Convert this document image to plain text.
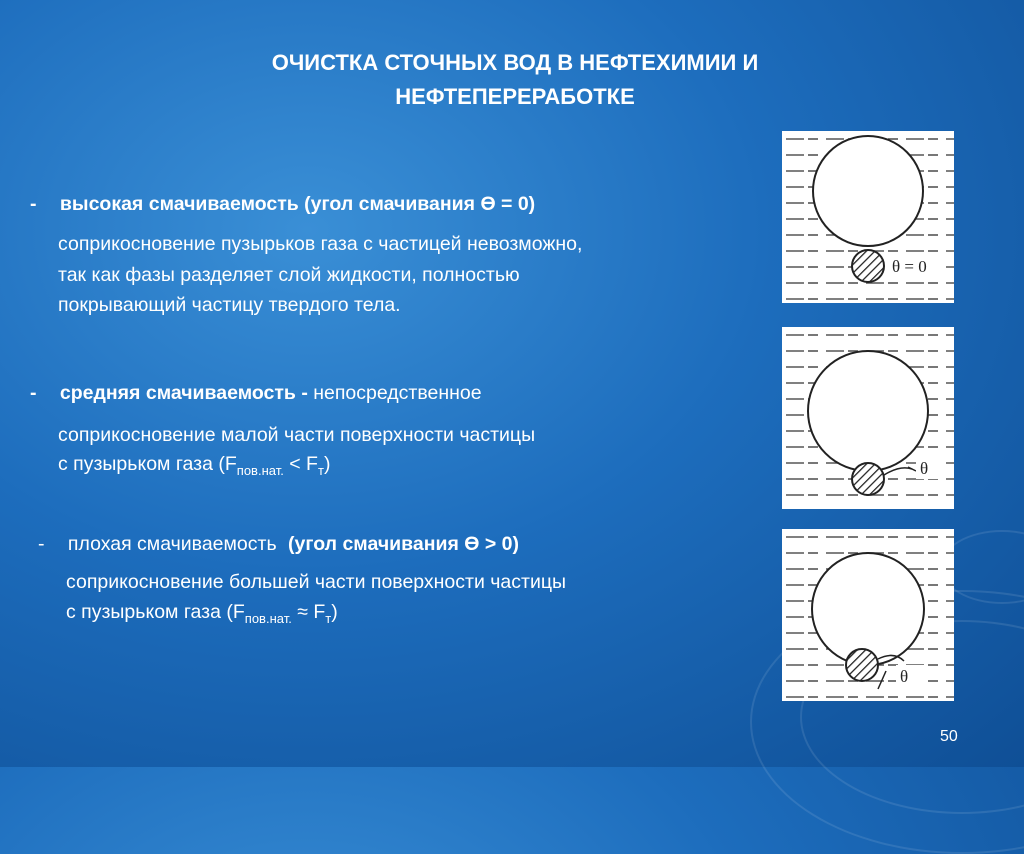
ОЧИСТКА СТОЧНЫХ ВОД В НЕФТЕХИМИИ И
НЕФТЕПЕРЕРАБОТКЕ
- высокая смачиваемость (угол смачивания Ɵ = 0)
соприкосновение пузырьков газа с частицей невозможно,
так как фазы разделяет слой жидкости, полностью
покрывающий частицу твердого тела.
- средняя смачиваемость - непосредственное
соприкосновение малой части поверхности частицы
с пузырьком газа $(F_{пов.нат.} < F_т)$
- плохая смачиваемость (угол смачивания Ɵ > 0)
соприкосновение большей части поверхности частицы
с пузырьком газа $(F_{пов.нат.} \approx F_т)$
θ = 0
θ
θ
50
